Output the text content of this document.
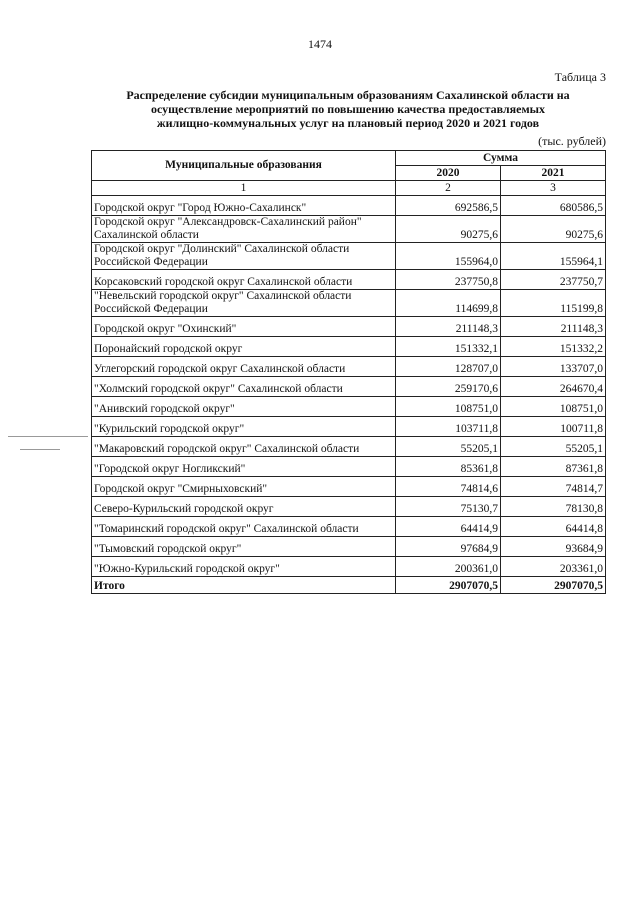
1474
Таблица 3
Распределение субсидии муниципальным образованиям Сахалинской области на
осуществление мероприятий по повышению качества предоставляемых
жилищно-коммунальных услуг на плановый период 2020 и 2021 годов
(тыс. рублей)
Муниципальные образования	Сумма	
	2020	2021
1	2	3

Городской округ "Город Южно-Сахалинск"	692586,5	680586,5

Городской округ "Александровск-Сахалинский район"
Сахалинской области	90275,6	90275,6

Городской округ "Долинский" Сахалинской области
Российской Федерации	155964,0	155964,1

Корсаковский городской округ Сахалинской области	237750,8	237750,7

"Невельский городской округ" Сахалинской области
Российской Федерации	114699,8	115199,8

Городской округ "Охинский"	211148,3	211148,3

Поронайский городской округ	151332,1	151332,2

Углегорский городской округ Сахалинской области	128707,0	133707,0

"Холмский городской округ" Сахалинской области	259170,6	264670,4

"Анивский городской округ"	108751,0	108751,0

"Курильский городской округ"	103711,8	100711,8

"Макаровский городской округ" Сахалинской области	55205,1	55205,1

"Городской округ Ногликский"	85361,8	87361,8

Городской округ "Смирныховский"	74814,6	74814,7

Северо-Курильский городской округ	75130,7	78130,8

"Томаринский городской округ" Сахалинской области	64414,9	64414,8

"Тымовский городской округ"	97684,9	93684,9

"Южно-Курильский городской округ"	200361,0	203361,0
Итого	2907070,5	2907070,5
